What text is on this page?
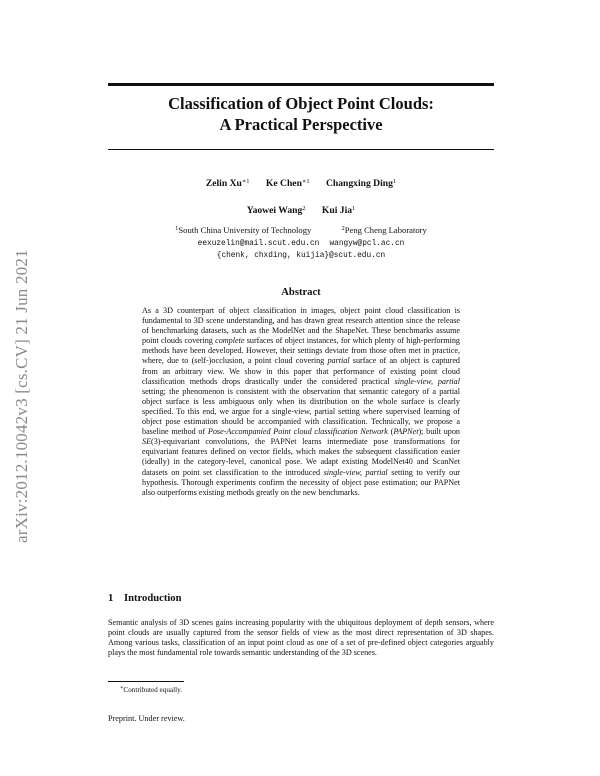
arXiv:2012.10042v3 [cs.CV] 21 Jun 2021
Classification of Object Point Clouds:
A Practical Perspective
Zelin $Xu^{∗1}$ Ke Chen$^{∗1}$ Changxing Ding$^1$
Yaowei Wang$^2$ Kui Jia$^1$
$^1$South China University of Technology	$^2$Peng Cheng Laboratory
eexuzelin@mail.scut.edu.cn wangyw@pcl.ac.cn
{chenk, chxding, kuijia}@scut.edu.cn
Abstract
As a 3D counterpart of object classification in images, object point cloud classification is fundamental to 3D scene understanding, and has drawn great research attention since the release of benchmarking datasets, such as the ModelNet and the ShapeNet. These benchmarks assume point clouds covering complete surfaces of object instances, for which plenty of high-performing methods have been developed. However, their settings deviate from those often met in practice, where, due to (self-)occlusion, a point cloud covering partial surface of an object is captured from an arbitrary view. We show in this paper that performance of existing point cloud classification methods drops drastically under the considered practical single-view, partial setting; the phenomenon is consistent with the observation that semantic category of a partial object surface is less ambiguous only when its distribution on the whole surface is clearly specified. To this end, we argue for a single-view, partial setting where supervised learning of object pose estimation should be accompanied with classification. Technically, we propose a baseline method of Pose-Accompanied Point cloud classification Network (PAPNet); built upon SE(3)-equivariant convolutions, the PAPNet learns intermediate pose transformations for equivariant features defined on vector fields, which makes the subsequent classification easier (ideally) in the category-level, canonical pose. We adapt existing ModelNet40 and ScanNet datasets on point set classification to the introduced single-view, partial setting to verify our hypothesis. Thorough experiments confirm the necessity of object pose estimation; our PAPNet also outperforms existing methods greatly on the new benchmarks.
1 Introduction
Semantic analysis of 3D scenes gains increasing popularity with the ubiquitous deployment of depth sensors, where point clouds are usually captured from the sensor fields of view as the most direct representation of 3D shapes. Among various tasks, classification of an input point cloud as one of a set of pre-defined object categories arguably plays the most fundamental role towards semantic understanding of the 3D scenes.
∗Contributed equally.
Preprint. Under review.
